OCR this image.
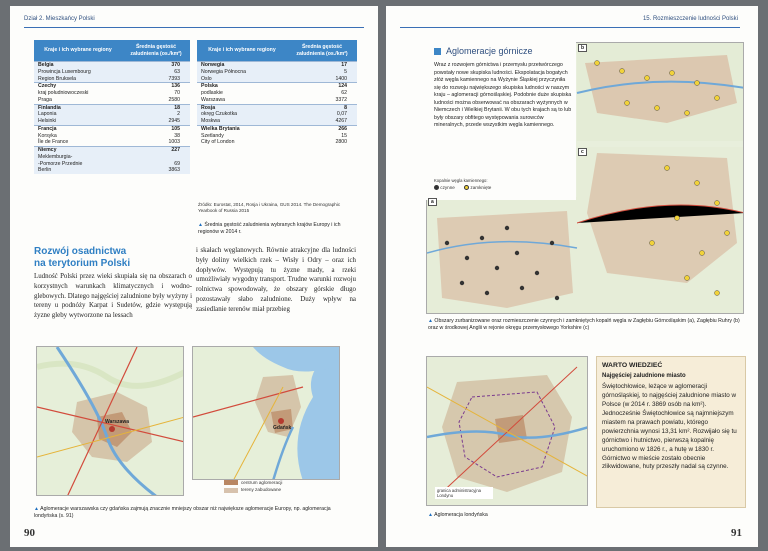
Dział 2. Mieszkańcy Polski
Kraje i ich wybrane regiony	Średnia gęstość zaludnienia (os./km²)
Belgia	370
Prowincja Luxembourg	63
Region Bruksela	7393
Czechy	136
kraj południowoczeski	70
Praga	2580
Finlandia	18
Laponia	2
Helsinki	2945
Francja	105
Korsyka	38
Île de France	1003
Niemcy	227
Meklemburgia-	
-Pomorze Przednie	69
Berlin	3863
Kraje i ich wybrane regiony	Średnia gęstość zaludnienia (os./km²)
Norwegia	17
Norwegia Północna	5
Oslo	1400
Polska	124
podlaskie	62
Warszawa	3372
Rosja	8
okręg Czukotka	0,07
Moskwa	4267
Wielka Brytania	266
Szetlandy	15
City of London	2800
Źródło: Eurostat, 2014, Rosja i Ukraina, GUS 2014. The Demographic Yearbook of Russia 2015
▲ Średnia gęstość zaludnienia wybranych krajów Europy i ich regionów w 2014 r.
Rozwój osadnictwa
na terytorium Polski
Ludność Polski przez wieki skupiała się na obszarach o korzystnych warunkach klimatycznych i wodno-glebowych. Dlatego najgęściej zaludnione były wyżyny i tereny u podnóży Karpat i Sudetów, gdzie występują żyzne gleby wytworzone na lessach
i skałach węglanowych. Równie atrakcyjne dla ludności były doliny wielkich rzek – Wisły i Odry – oraz ich dopływów. Występują tu żyzne mady, a rzeki umożliwiały wygodny transport. Trudne warunki rozwoju rolnictwa spowodowały, że obszary górskie długo pozostawały słabo zaludnione. Duży wpływ na zasiedlanie terenów miał przebieg
Warszawa
Gdańsk
centrum aglomeracji
tereny zabudowane
▲ Aglomeracje warszawska czy gdańska zajmują znacznie mniejszy obszar niż największe aglomeracje Europy, np. aglomeracja londyńska (s. 91)
90
15. Rozmieszczenie ludności Polski
Aglomeracje górnicze
Wraz z rozwojem górnictwa i przemysłu przetwórczego powstały nowe skupiska ludności. Ekspolatacja bogatych złóż węgla kamiennego na Wyżynie Śląskiej przyczyniła się do rozwoju największego skupiska ludności w naszym kraju – aglomeracji górnośląskiej. Podobnie duże skupiska ludności można obserwować na obszarach wyżynnych w Niemczech i Wielkiej Brytanii. W obu tych krajach są to lub były obszary obfitego występowania surowców mineralnych, przede wszystkim węgla kamiennego.
Kopalnie węgla kamiennego:
czynne	zamknięte
a
b
c
▲ Obszary zurbanizowane oraz rozmieszczenie czynnych i zamkniętych kopalń węgla w Zagłębiu Górnośląskim (a), Zagłębiu Ruhry (b) oraz w środkowej Anglii w rejonie okręgu przemysłowego Yorkshire (c)
granica administracyjna Londynu
▲ Aglomeracja londyńska
WARTO WIEDZIEĆ
Najgęściej zaludnione miasto
Świętochłowice, leżące w aglomeracji górnośląskiej, to najgęściej zaludnione miasto w Polsce (w 2014 r. 3869 osób na km²). Jednocześnie Świętochłowice są najmniejszym miastem na prawach powiatu, którego powierzchnia wynosi 13,31 km². Rozwijało się tu górnictwo i hutnictwo, pierwszą kopalnię uruchomiono w 1826 r., a hutę w 1830 r. Górnictwo w mieście zostało obecnie zlikwidowane, huty przeszły nadal są czynne.
91
